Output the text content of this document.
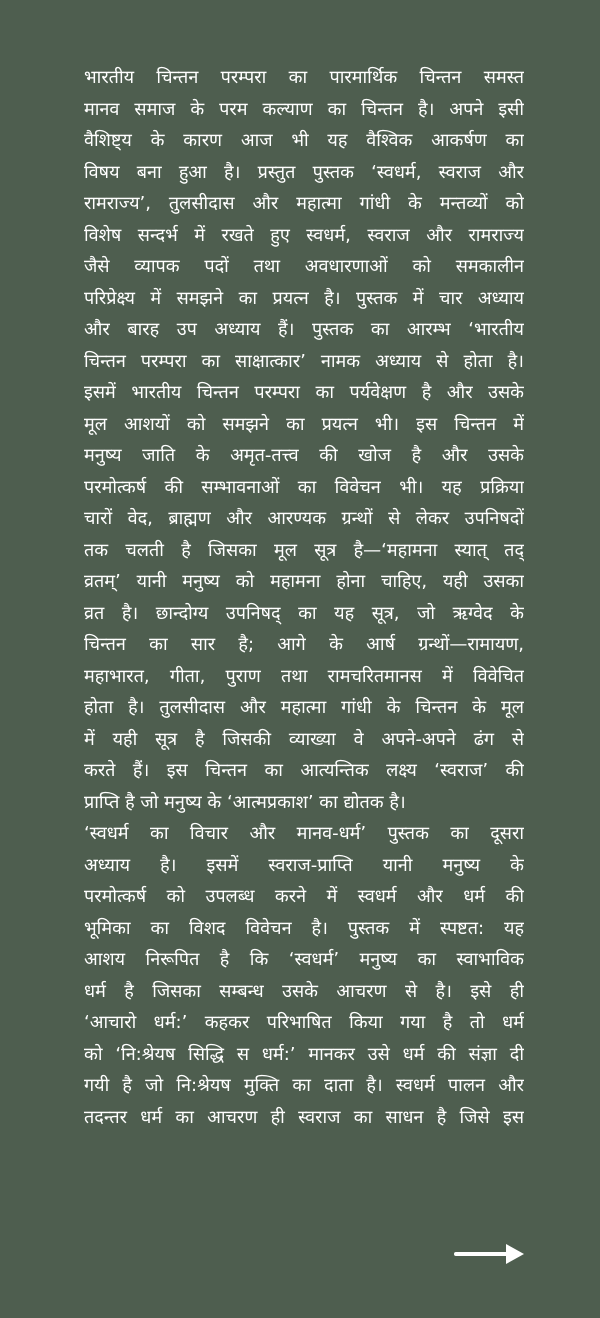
भारतीय चिन्तन परम्परा का पारमार्थिक चिन्तन समस्त
मानव समाज के परम कल्याण का चिन्तन है। अपने इसी
वैशिष्ट्य के कारण आज भी यह वैश्विक आकर्षण का
विषय बना हुआ है। प्रस्तुत पुस्तक ‘स्वधर्म, स्वराज और
रामराज्य’, तुलसीदास और महात्मा गांधी के मन्तव्यों को
विशेष सन्दर्भ में रखते हुए स्वधर्म, स्वराज और रामराज्य
जैसे व्यापक पदों तथा अवधारणाओं को समकालीन
परिप्रेक्ष्य में समझने का प्रयत्न है। पुस्तक में चार अध्याय
और बारह उप अध्याय हैं। पुस्तक का आरम्भ ‘भारतीय
चिन्तन परम्परा का साक्षात्कार’ नामक अध्याय से होता है।
इसमें भारतीय चिन्तन परम्परा का पर्यवेक्षण है और उसके
मूल आशयों को समझने का प्रयत्न भी। इस चिन्तन में
मनुष्य जाति के अमृत-तत्त्व की खोज है और उसके
परमोत्कर्ष की सम्भावनाओं का विवेचन भी। यह प्रक्रिया
चारों वेद, ब्राह्मण और आरण्यक ग्रन्थों से लेकर उपनिषदों
तक चलती है जिसका मूल सूत्र है—‘महामना स्यात् तद्
व्रतम्’ यानी मनुष्य को महामना होना चाहिए, यही उसका
व्रत है। छान्दोग्य उपनिषद् का यह सूत्र, जो ऋग्वेद के
चिन्तन का सार है; आगे के आर्ष ग्रन्थों—रामायण,
महाभारत, गीता, पुराण तथा रामचरितमानस में विवेचित
होता है। तुलसीदास और महात्मा गांधी के चिन्तन के मूल
में यही सूत्र है जिसकी व्याख्या वे अपने-अपने ढंग से
करते हैं। इस चिन्तन का आत्यन्तिक लक्ष्य ‘स्वराज’ की
प्राप्ति है जो मनुष्य के ‘आत्मप्रकाश’ का द्योतक है।
‘स्वधर्म का विचार और मानव-धर्म’ पुस्तक का दूसरा
अध्याय है। इसमें स्वराज-प्राप्ति यानी मनुष्य के
परमोत्कर्ष को उपलब्ध करने में स्वधर्म और धर्म की
भूमिका का विशद विवेचन है। पुस्तक में स्पष्टत: यह
आशय निरूपित है कि ‘स्वधर्म’ मनुष्य का स्वाभाविक
धर्म है जिसका सम्बन्ध उसके आचरण से है। इसे ही
‘आचारो धर्म:’ कहकर परिभाषित किया गया है तो धर्म
को ‘नि:श्रेयष सिद्धि स धर्म:’ मानकर उसे धर्म की संज्ञा दी
गयी है जो नि:श्रेयष मुक्ति का दाता है। स्वधर्म पालन और
तदन्तर धर्म का आचरण ही स्वराज का साधन है जिसे इस
